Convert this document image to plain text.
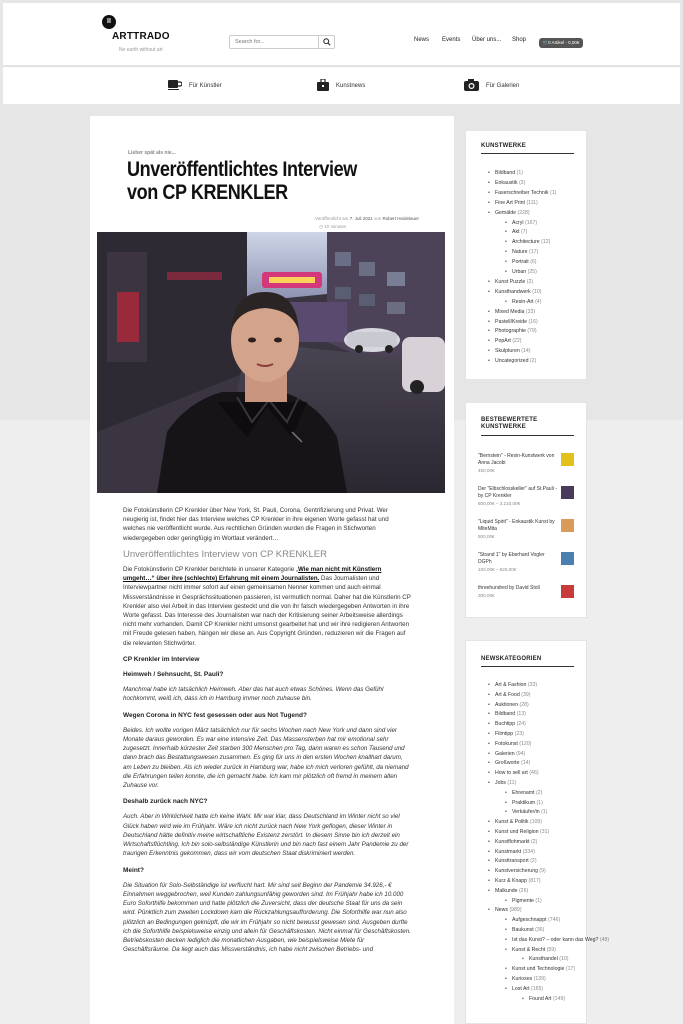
II
ARTTRADO
No earth without art
Search for...
News Events Über uns... Shop	🛒0 Artikel - 0,00€
Für Künstler	Kunstnews	Für Galerien
Lieber spät als nie...
Unveröffentlichtes Interview von CP KRENKLER
Veröffentlicht am 7. Juli 2021 von Robert Heidelauer
◷ 10 minutes

Die Fotokünstlerin CP Krenkler über New York, St. Pauli, Corona, Gentrifizierung und Privat. Wer neugierig ist, findet hier das Interview welches CP Krenkler in ihre eigenen Worte gefasst hat und welches nie veröffentlicht wurde. Aus rechtlichen Gründen wurden die Fragen in Stichworten wiedergegeben oder geringfügig im Wortlaut verändert…

Unveröffentlichtes Interview von CP KRENKLER

Die Fotokünstlerin CP Krenkler berichtete in unserer Kategorie „Wie man nicht mit Künstlern umgeht…“ über ihre (schlechte) Erfahrung mit einem Journalisten. Das Journalisten und Interviewpartner nicht immer sofort auf einen gemeinsamen Nenner kommen und auch einmal Missverständnisse in Gesprächssituationen passieren, ist vermutlich normal. Daher hat die Künstlerin CP Krenkler also viel Arbeit in das Interview gesteckt und die von ihr falsch wiedergegeben Antworten in ihre Worte gefasst. Das Interesse des Journalisten war nach der Kritisierung seiner Arbeitsweise allerdings nicht mehr vorhanden. Damit CP Krenkler nicht umsonst gearbeitet hat und wir ihre redigieren Antworten mit Freude gelesen haben, hängen wir diese an. Aus Copyright Gründen, reduzieren wir die Fragen auf die relevanten Stichwörter.

CP Krenkler im Interview
Heimweh / Sehnsucht, St. Pauli?

Manchmal habe ich tatsächlich Heimweh. Aber das hat auch etwas Schönes. Wenn das Gefühl hochkommt, weiß ich, dass ich in Hamburg immer noch zuhause bin.

Wegen Corona in NYC fest gesessen oder aus Not Tugend?

Beides. Ich wollte vorigen März tatsächlich nur für sechs Wochen nach New York und dann sind vier Monate daraus geworden. Es war eine intensive Zeit. Das Massensterben hat mir emotional sehr zugesetzt. Innerhalb kürzester Zeit starben 300 Menschen pro Tag, dann waren es schon Tausend und dann brach das Bestattungswesen zusammen. Es ging für uns in den ersten Wochen knallhart darum, am Leben zu bleiben. Als ich wieder zurück in Hamburg war, habe ich mich verloren gefühlt, da niemand die Erfahrungen teilen konnte, die ich gemacht habe. Ich kam mir plötzlich oft fremd in meinem alten Zuhause vor.

Deshalb zurück nach NYC?

Auch. Aber in Wirklichkeit hatte ich keine Wahl. Mir war klar, dass Deutschland im Winter nicht so viel Glück haben wird wie im Frühjahr. Wäre ich nicht zurück nach New York geflogen, dieser Winter in Deutschland hätte definitiv meine wirtschaftliche Existenz zerstört. In diesem Sinne bin ich derzeit ein Wirtschaftsflüchtling. Ich bin solo-selbständige Künstlerin und bin nach fast einem Jahr Pandemie zu der traurigen Erkenntnis gekommen, dass wir vom deutschen Staat diskriminiert werden.

Meint?

Die Situation für Solo-Selbständige ist verflucht hart. Mir sind seit Beginn der Pandemie 34.926,- € Einnahmen weggebrochen, weil Kunden zahlungsunfähig geworden sind. Im Frühjahr habe ich 10.000 Euro Soforthilfe bekommen und hatte plötzlich die Zuversicht, dass der deutsche Staat für uns da sein wird. Pünktlich zum zweiten Lockdown kam die Rückzahlungsaufforderung. Die Soforthilfe war nun also plötzlich an Bedingungen geknüpft, die wir im Frühjahr so nicht bewusst gewesen sind. Ausgeben durfte ich die Soforthilfe beispielsweise einzig und allein für Geschäftskosten. Nicht einmal für Geschäftskosten. Betriebskosten decken lediglich die monatlichen Ausgaben, wie beispielsweise Miete für Geschäftsräume. Da liegt auch das Missverständnis, ich habe nicht zwischen Betriebs- und

KUNSTWERKE
• Bildband (1)
• Enkaustik (3)
• Faserschreiber Technik (1)
• Fine Art Print (111)
• Gemälde (228)
• Acryl (167)
• Akt (7)
• Architecture (12)
• Nature (17)
• Portrait (6)
• Urban (25)
• Kunst Puzzle (2)
• Kunsthandwerk (10)
• Resin-Art (4)
• Mixed Media (33)
• Pastell/Kreide (16)
• Photographie (79)
• PopArt (22)
• Skulpturen (14)
• Uncategorized (2)
BESTBEWERTETE KUNSTWERKE
"Bernstein" - Resin-Kunstwerk von Anna Jacobi
450,00€
Der "Elbschlosskeller" auf St.Pauli - by CP Krenkler
800,00€ – 3.210,00€
"Liquid Spirit" - Enkaustik Kunst by MiteMita
500,00€
"Strand 1" by Eberhard Vogler DGPh
100,00€ – 525,00€
threehundred by David Stoll
300,00€
NEWSKATEGORIEN
• Art & Fashion (33)
• Art & Food (39)
• Auktionen (28)
• Bildband (13)
• Buchtipp (24)
• Filmtipp (23)
• Fotokunst (120)
• Galerien (94)
• Großworte (14)
• How to sell art (46)
• Jobs (11)
• Ehrenamt (2)
• Praktikum (1)
• Verkäufer/in (1)
• Kunst & Politik (109)
• Kunst und Religion (31)
• Kunstflohmarkt (2)
• Kunstmarkt (334)
• Kunsttransport (2)
• Kunstversicherung (9)
• Kurz & Knapp (817)
• Malkunde (26)
• Pigmente (1)
• News (989)
• Aufgeschnappt (746)
• Baukunst (36)
• Ist das Kunst? – oder kann das Weg? (48)
• Kunst & Recht (59)
• Kunsthandel (10)
• Kunst und Technologie (17)
• Kurioses (139)
• Lost Art (165)
• Found Art (149)
